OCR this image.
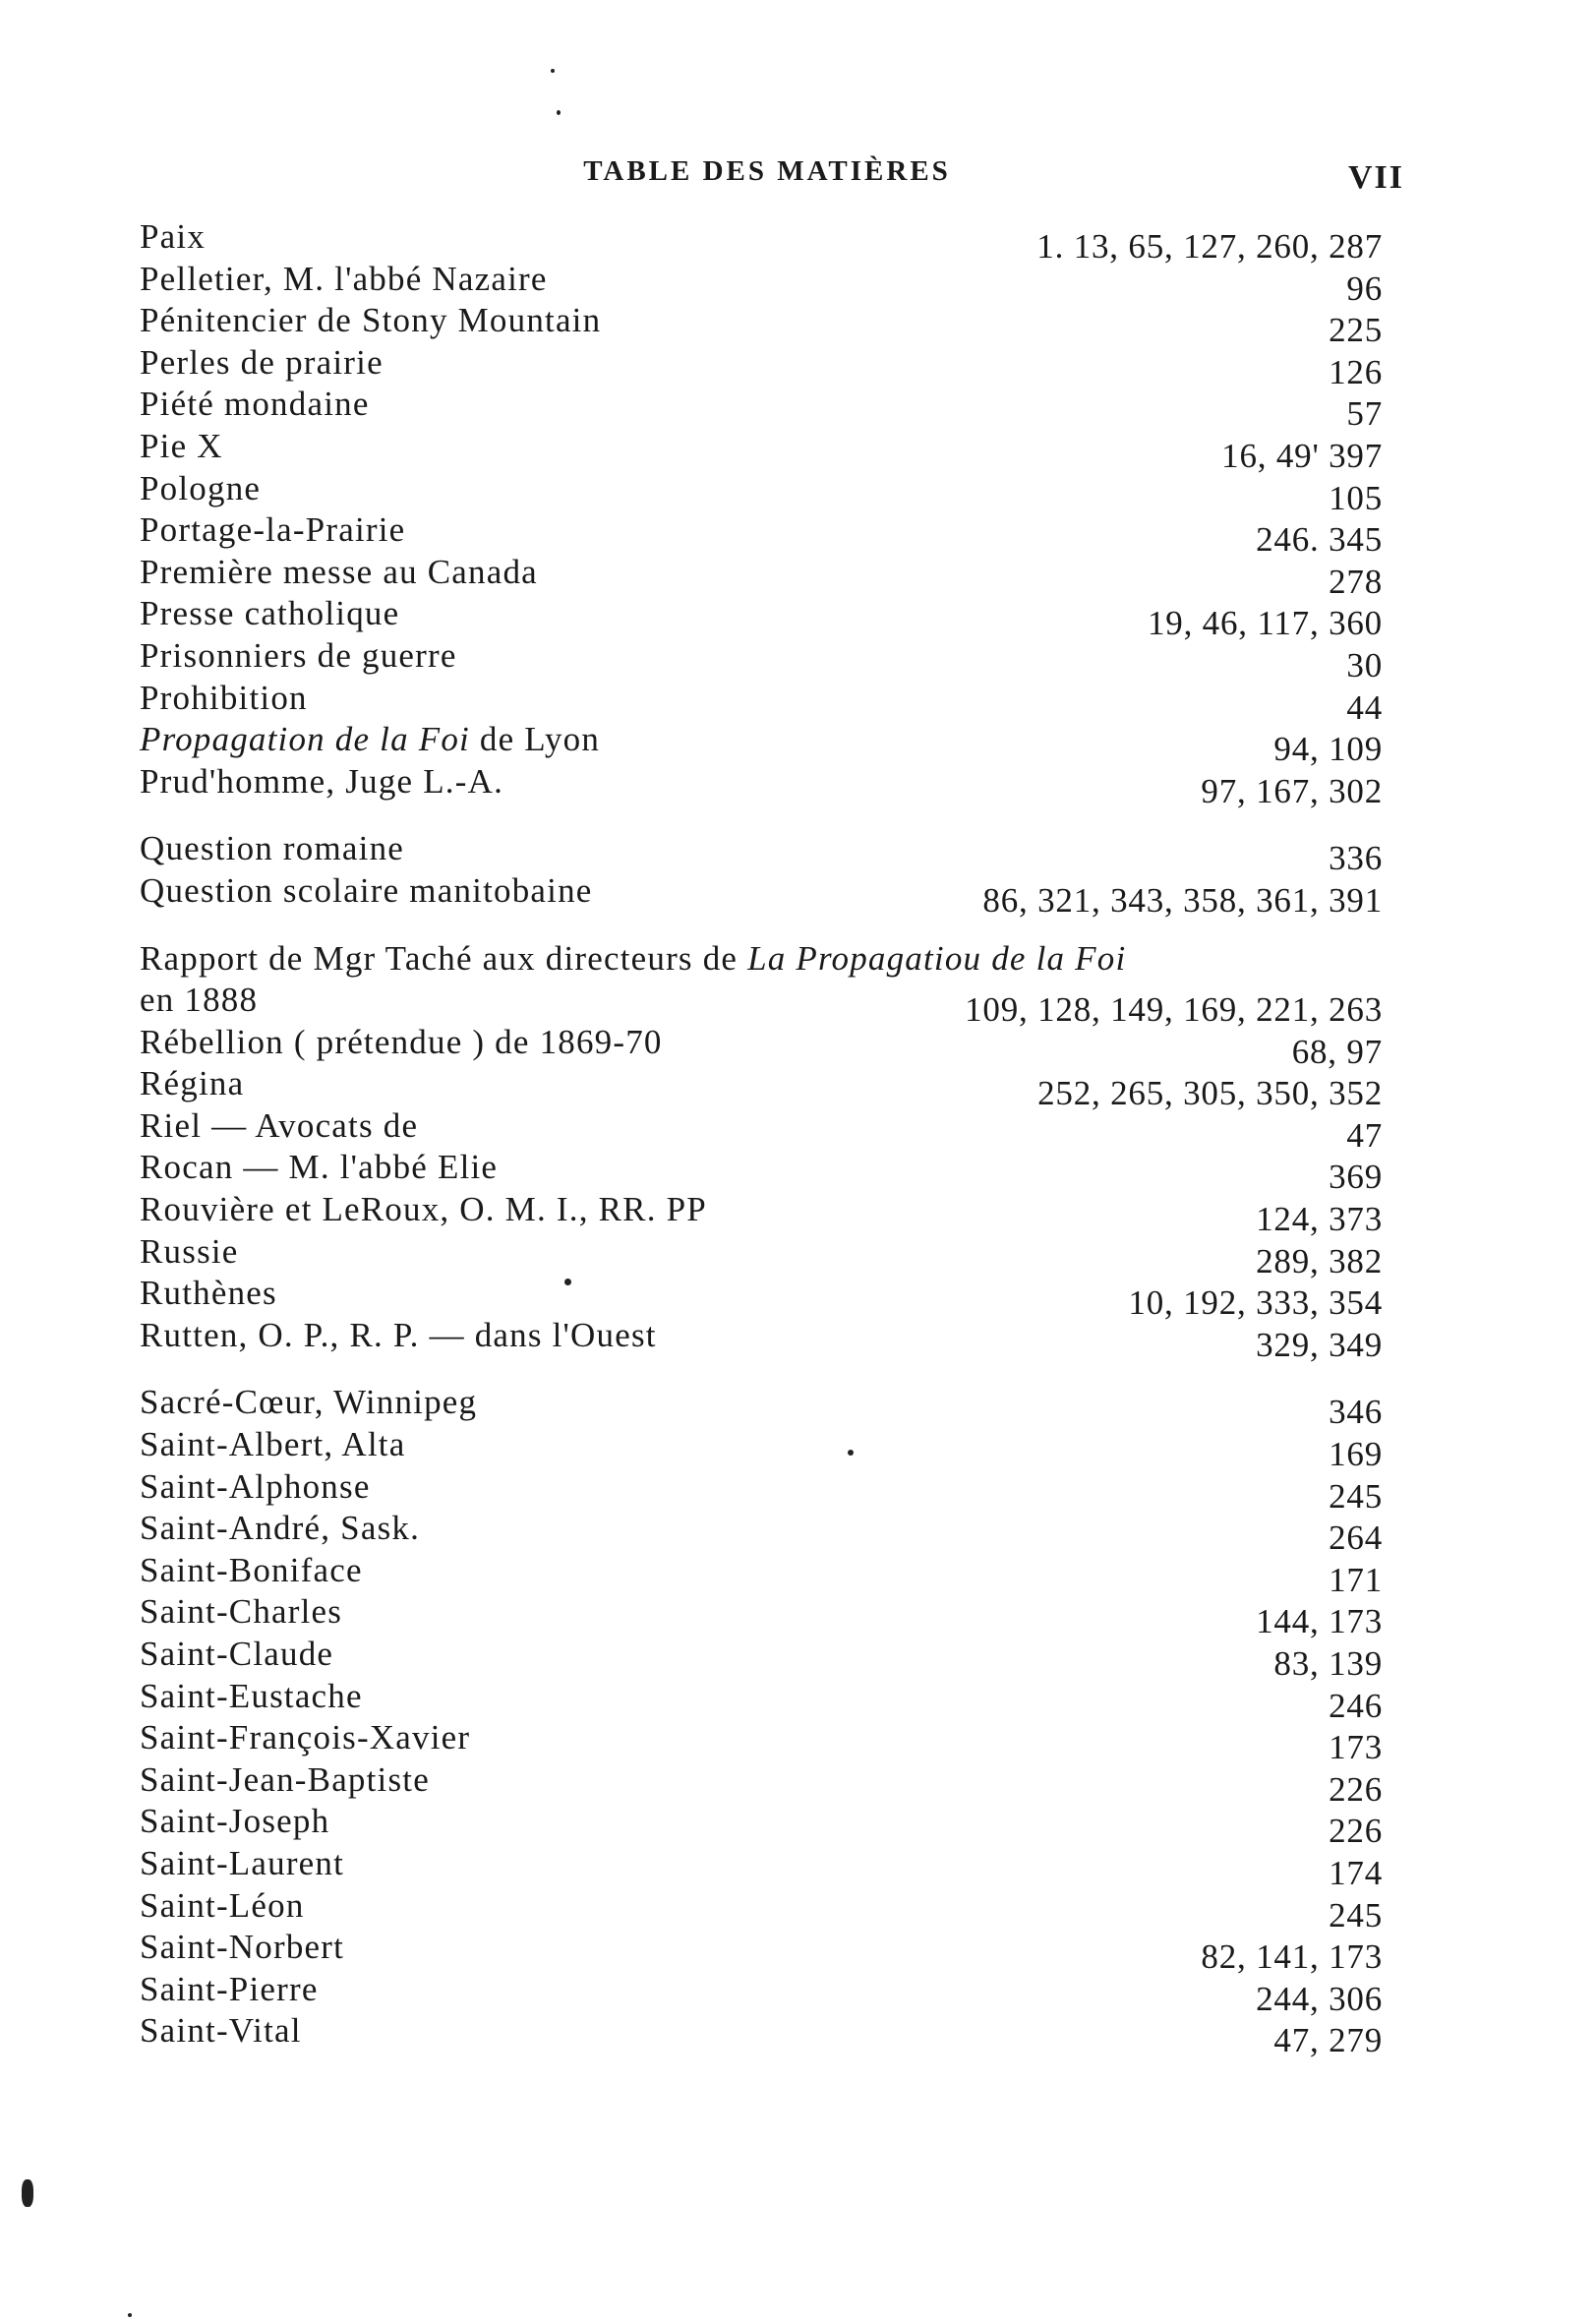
TABLE DES MATIÈRES	VII
Paix	1. 13, 65, 127, 260, 287
Pelletier, M. l'abbé Nazaire	96
Pénitencier de Stony Mountain	225
Perles de prairie	126
Piété mondaine	57
Pie X	16, 49' 397
Pologne	105
Portage-la-Prairie	246. 345
Première messe au Canada	278
Presse catholique	19, 46, 117, 360
Prisonniers de guerre	30
Prohibition	44
Propagation de la Foi de Lyon	94, 109
Prud'homme, Juge L.-A.	97, 167, 302
Question romaine	336
Question scolaire manitobaine	86, 321, 343, 358, 361, 391
Rapport de Mgr Taché aux directeurs de La Propagatiou de la Foi
en 1888	109, 128, 149, 169, 221, 263
Rébellion ( prétendue ) de 1869-70	68, 97
Régina	252, 265, 305, 350, 352
Riel — Avocats de	47
Rocan — M. l'abbé Elie	369
Rouvière et LeRoux, O. M. I., RR. PP	124, 373
Russie	289, 382
Ruthènes	10, 192, 333, 354
Rutten, O. P., R. P. — dans l'Ouest	329, 349
Sacré-Cœur, Winnipeg	346
Saint-Albert, Alta	169
Saint-Alphonse	245
Saint-André, Sask.	264
Saint-Boniface	171
Saint-Charles	144, 173
Saint-Claude	83, 139
Saint-Eustache	246
Saint-François-Xavier	173
Saint-Jean-Baptiste	226
Saint-Joseph	226
Saint-Laurent	174
Saint-Léon	245
Saint-Norbert	82, 141, 173
Saint-Pierre	244, 306
Saint-Vital	47, 279
